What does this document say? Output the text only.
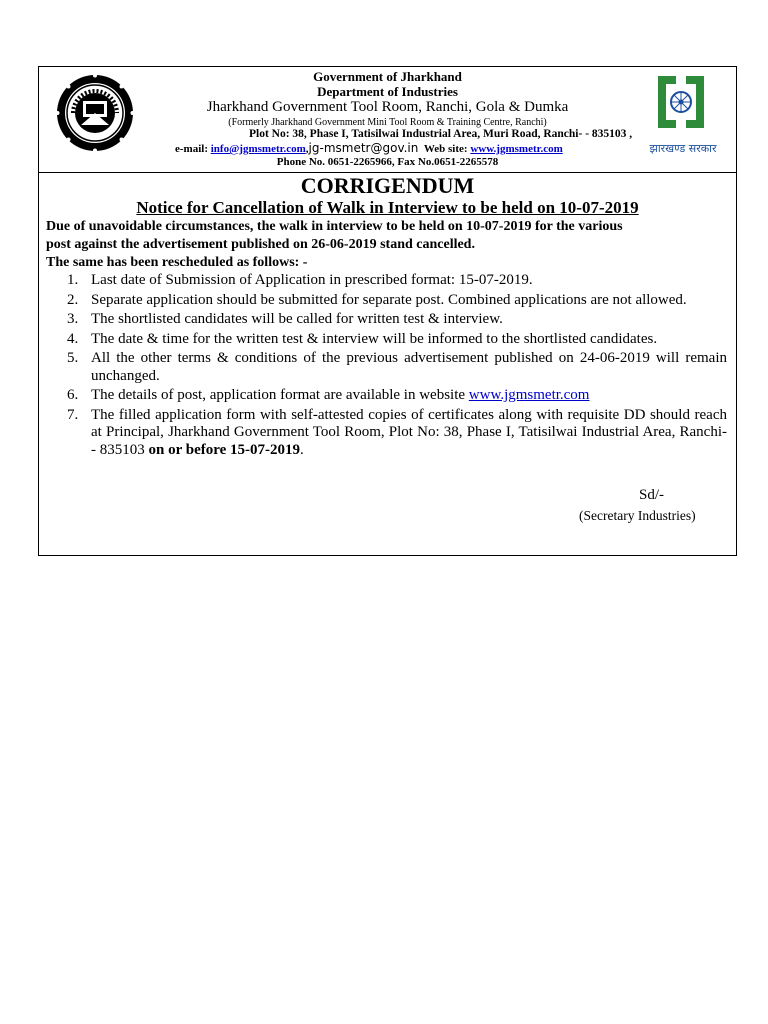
Government of Jharkhand
Department of Industries
Jharkhand Government Tool Room, Ranchi, Gola & Dumka
(Formerly Jharkhand Government Mini Tool Room & Training Centre, Ranchi)
Plot No: 38, Phase I, Tatisilwai Industrial Area, Muri Road, Ranchi- - 835103 ,
e-mail: info@jgmsmetr.com,jg-msmetr@gov.in Web site: www.jgmsmetr.com
Phone No. 0651-2265966, Fax No.0651-2265578
झारखण्ड सरकार
CORRIGENDUM
Notice for Cancellation of Walk in Interview to be held on 10-07-2019

Due of unavoidable circumstances, the walk in interview to be held on 10-07-2019 for the various

post against the advertisement published on 26-06-2019 stand cancelled.

The same has been rescheduled as follows: -

1. Last date of Submission of Application in prescribed format: 15-07-2019.
2. Separate application should be submitted for separate post. Combined applications are not allowed.
3. The shortlisted candidates will be called for written test & interview.
4. The date & time for the written test & interview will be informed to the shortlisted candidates.
5. All the other terms & conditions of the previous advertisement published on 24-06-2019 will remain unchanged.
6. The details of post, application format are available in website www.jgmsmetr.com
7. The filled application form with self-attested copies of certificates along with requisite DD should reach at Principal, Jharkhand Government Tool Room, Plot No: 38, Phase I, Tatisilwai Industrial Area, Ranchi- - 835103 on or before 15-07-2019.
Sd/-
(Secretary Industries)
